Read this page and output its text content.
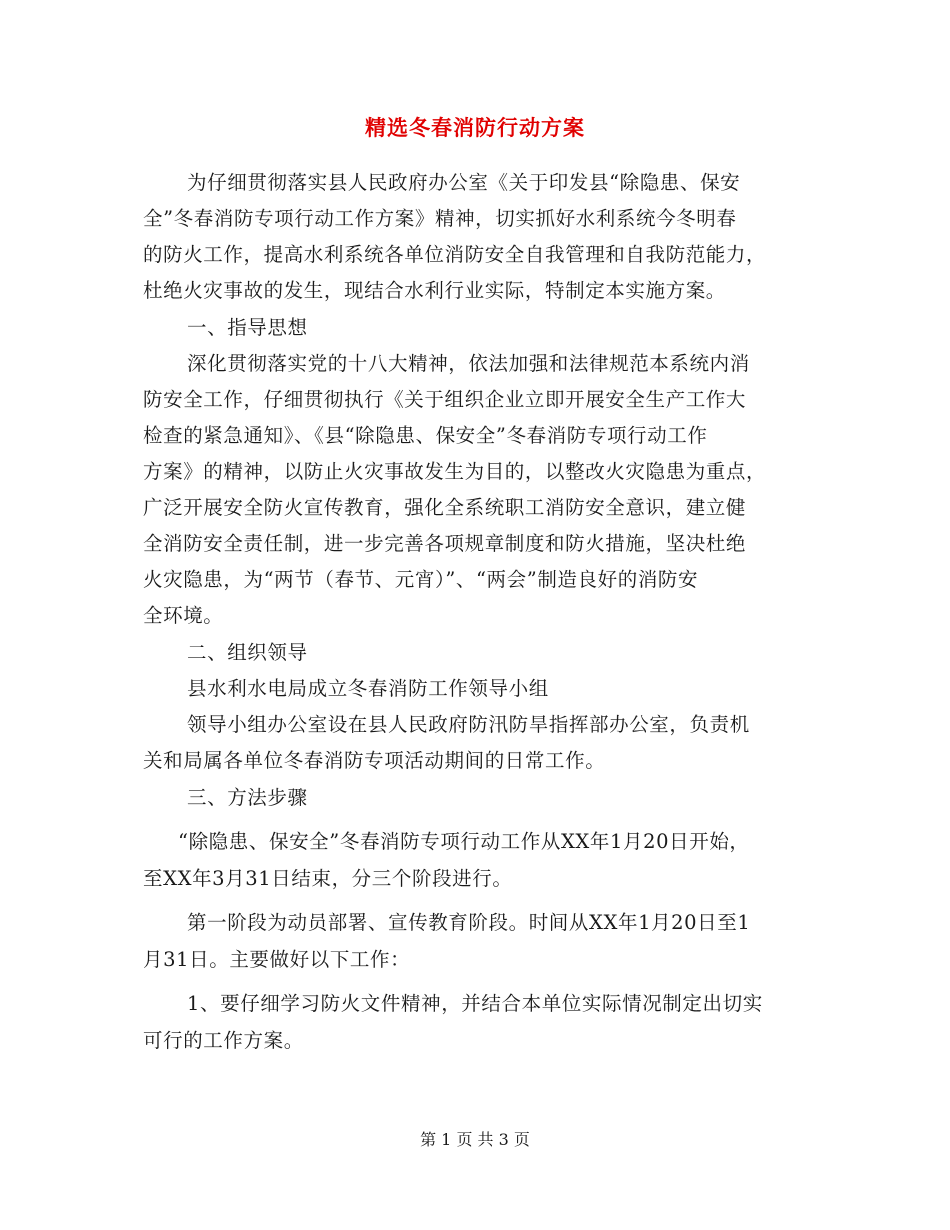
精选冬春消防行动方案
为仔细贯彻落实县人民政府办公室《关于印发县“除隐患、保安
全”冬春消防专项行动工作方案》精神，切实抓好水利系统今冬明春
的防火工作，提高水利系统各单位消防安全自我管理和自我防范能力，
杜绝火灾事故的发生，现结合水利行业实际，特制定本实施方案。
一、指导思想
深化贯彻落实党的十八大精神，依法加强和法律规范本系统内消
防安全工作，仔细贯彻执行《关于组织企业立即开展安全生产工作大
检查的紧急通知》、《县“除隐患、保安全”冬春消防专项行动工作
方案》的精神，以防止火灾事故发生为目的，以整改火灾隐患为重点，
广泛开展安全防火宣传教育，强化全系统职工消防安全意识，建立健
全消防安全责任制，进一步完善各项规章制度和防火措施，坚决杜绝
火灾隐患，为“两节（春节、元宵）”、“两会”制造良好的消防安
全环境。
二、组织领导
县水利水电局成立冬春消防工作领导小组
领导小组办公室设在县人民政府防汛防旱指挥部办公室，负责机
关和局属各单位冬春消防专项活动期间的日常工作。
三、方法步骤
“除隐患、保安全”冬春消防专项行动工作从XX年1月20日开始，
至XX年3月31日结束，分三个阶段进行。
第一阶段为动员部署、宣传教育阶段。时间从XX年1月20日至1
月31日。主要做好以下工作：
1、要仔细学习防火文件精神，并结合本单位实际情况制定出切实
可行的工作方案。
第 1 页 共 3 页
